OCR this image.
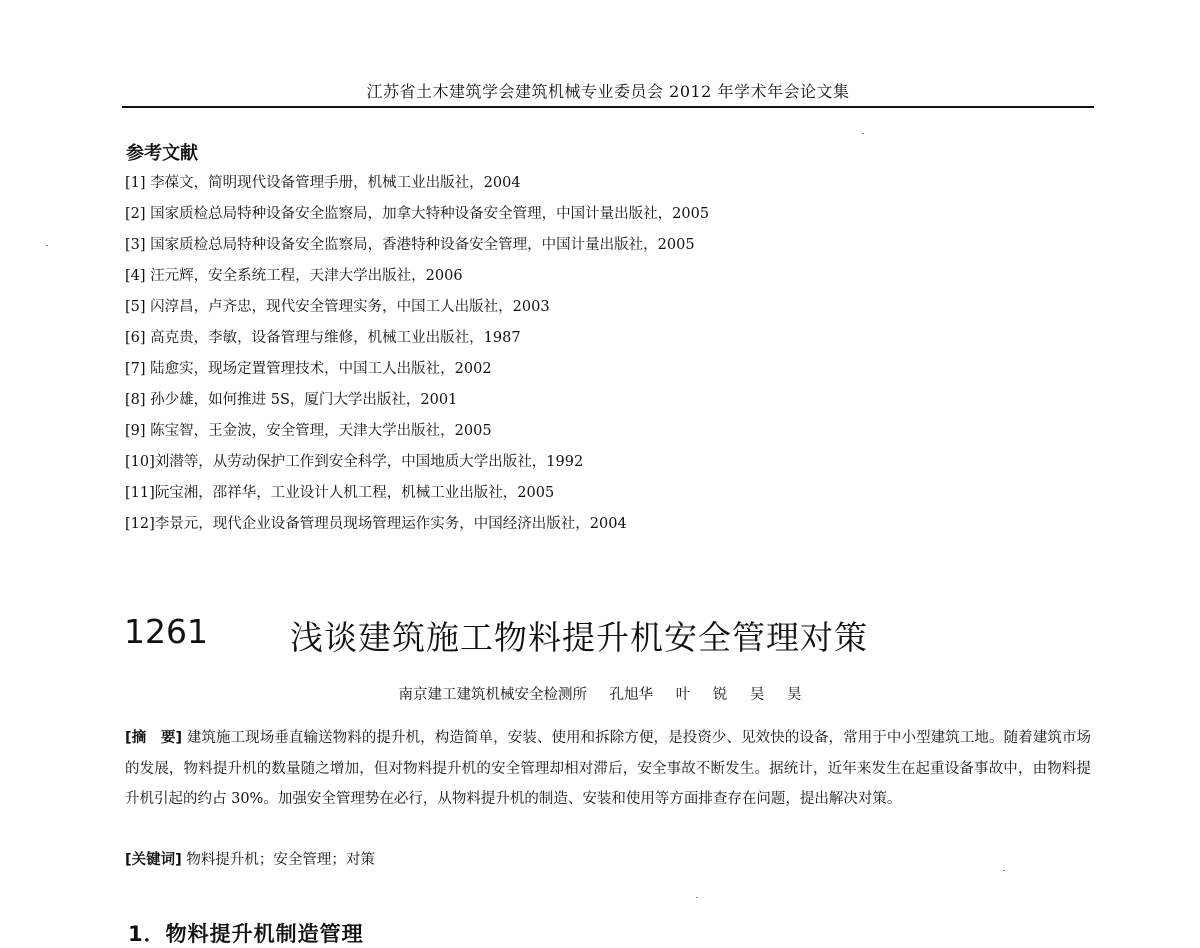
江苏省土木建筑学会建筑机械专业委员会 2012 年学术年会论文集
参考文献
[1] 李葆文，简明现代设备管理手册，机械工业出版社，2004
[2] 国家质检总局特种设备安全监察局，加拿大特种设备安全管理，中国计量出版社，2005
[3] 国家质检总局特种设备安全监察局，香港特种设备安全管理，中国计量出版社，2005
[4] 汪元辉，安全系统工程，天津大学出版社，2006
[5] 闪淳昌，卢齐忠，现代安全管理实务，中国工人出版社，2003
[6] 高克贵，李敏，设备管理与维修，机械工业出版社，1987
[7] 陆愈实，现场定置管理技术，中国工人出版社，2002
[8] 孙少雄，如何推进 5S，厦门大学出版社，2001
[9] 陈宝智，王金波，安全管理，天津大学出版社，2005
[10]刘潜等，从劳动保护工作到安全科学，中国地质大学出版社，1992
[11]阮宝湘，邵祥华，工业设计人机工程，机械工业出版社，2005
[12]李景元，现代企业设备管理员现场管理运作实务，中国经济出版社，2004
1261 浅谈建筑施工物料提升机安全管理对策
南京建工建筑机械安全检测所 孔旭华 叶 锐 吴 昊
[摘　要] 建筑施工现场垂直输送物料的提升机，构造简单，安装、使用和拆除方便，是投资少、见效快的设备，常用于中小型建筑工地。随着建筑市场的发展，物料提升机的数量随之增加，但对物料提升机的安全管理却相对滞后，安全事故不断发生。据统计，近年来发生在起重设备事故中，由物料提升机引起的约占 30%。加强安全管理势在必行，从物料提升机的制造、安装和使用等方面排查存在问题，提出解决对策。
[关键词] 物料提升机；安全管理；对策
1．物料提升机制造管理
